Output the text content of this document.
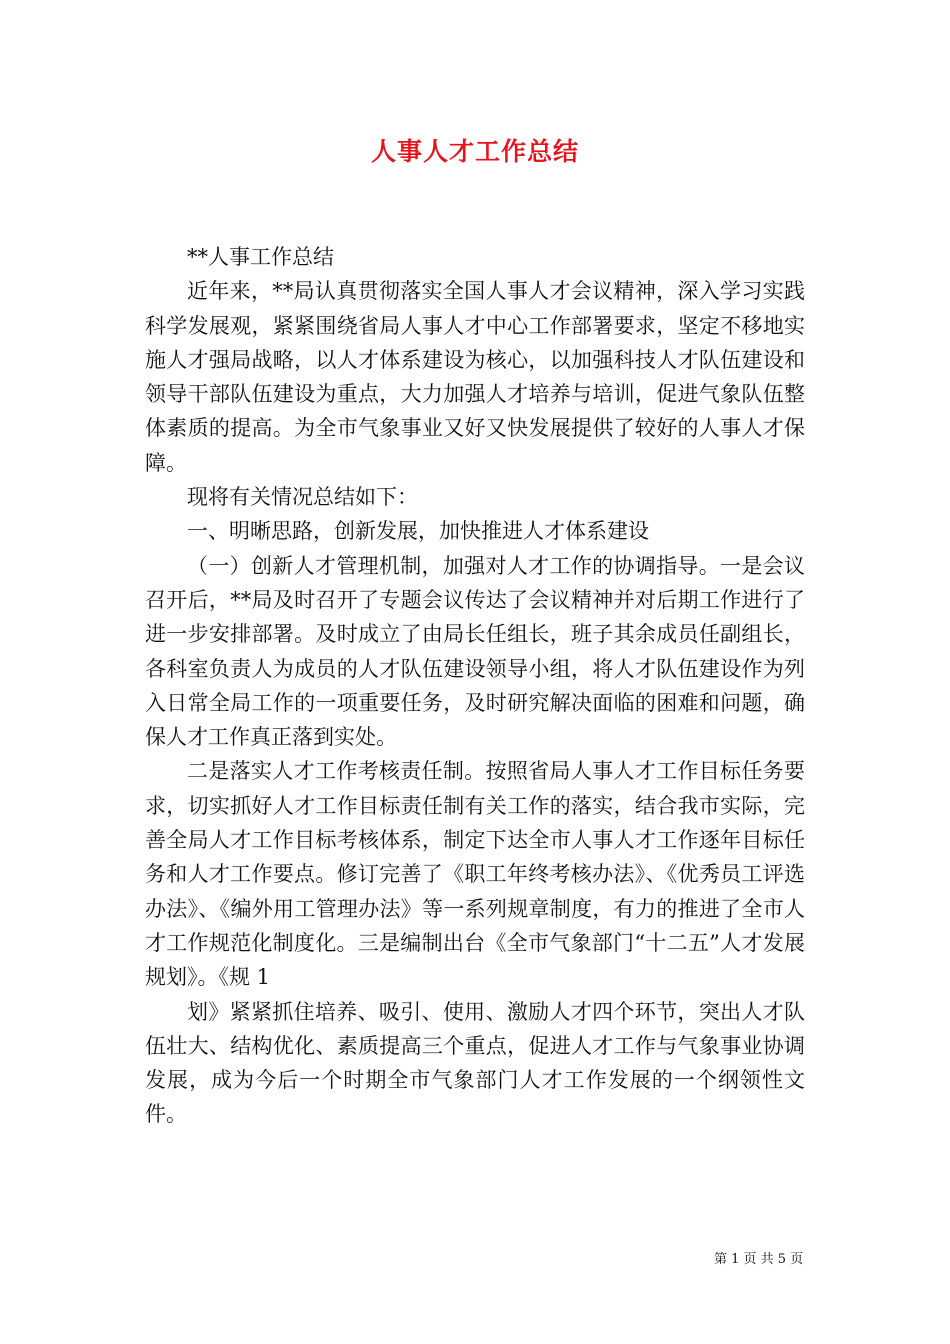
人事人才工作总结

**人事工作总结

近年来，**局认真贯彻落实全国人事人才会议精神，深入学习实践科学发展观，紧紧围绕省局人事人才中心工作部署要求，坚定不移地实施人才强局战略，以人才体系建设为核心，以加强科技人才队伍建设和领导干部队伍建设为重点，大力加强人才培养与培训，促进气象队伍整体素质的提高。为全市气象事业又好又快发展提供了较好的人事人才保障。

现将有关情况总结如下：

一、明晰思路，创新发展，加快推进人才体系建设

（一）创新人才管理机制，加强对人才工作的协调指导。一是会议召开后，**局及时召开了专题会议传达了会议精神并对后期工作进行了进一步安排部署。及时成立了由局长任组长，班子其余成员任副组长，各科室负责人为成员的人才队伍建设领导小组，将人才队伍建设作为列入日常全局工作的一项重要任务，及时研究解决面临的困难和问题，确保人才工作真正落到实处。

二是落实人才工作考核责任制。按照省局人事人才工作目标任务要求，切实抓好人才工作目标责任制有关工作的落实，结合我市实际，完善全局人才工作目标考核体系，制定下达全市人事人才工作逐年目标任务和人才工作要点。修订完善了《职工年终考核办法》、《优秀员工评选办法》、《编外用工管理办法》等一系列规章制度，有力的推进了全市人才工作规范化制度化。三是编制出台《全市气象部门“十二五”人才发展规划》。《规 1

划》紧紧抓住培养、吸引、使用、激励人才四个环节，突出人才队伍壮大、结构优化、素质提高三个重点，促进人才工作与气象事业协调发展，成为今后一个时期全市气象部门人才工作发展的一个纲领性文件。

第 1 页 共 5 页
